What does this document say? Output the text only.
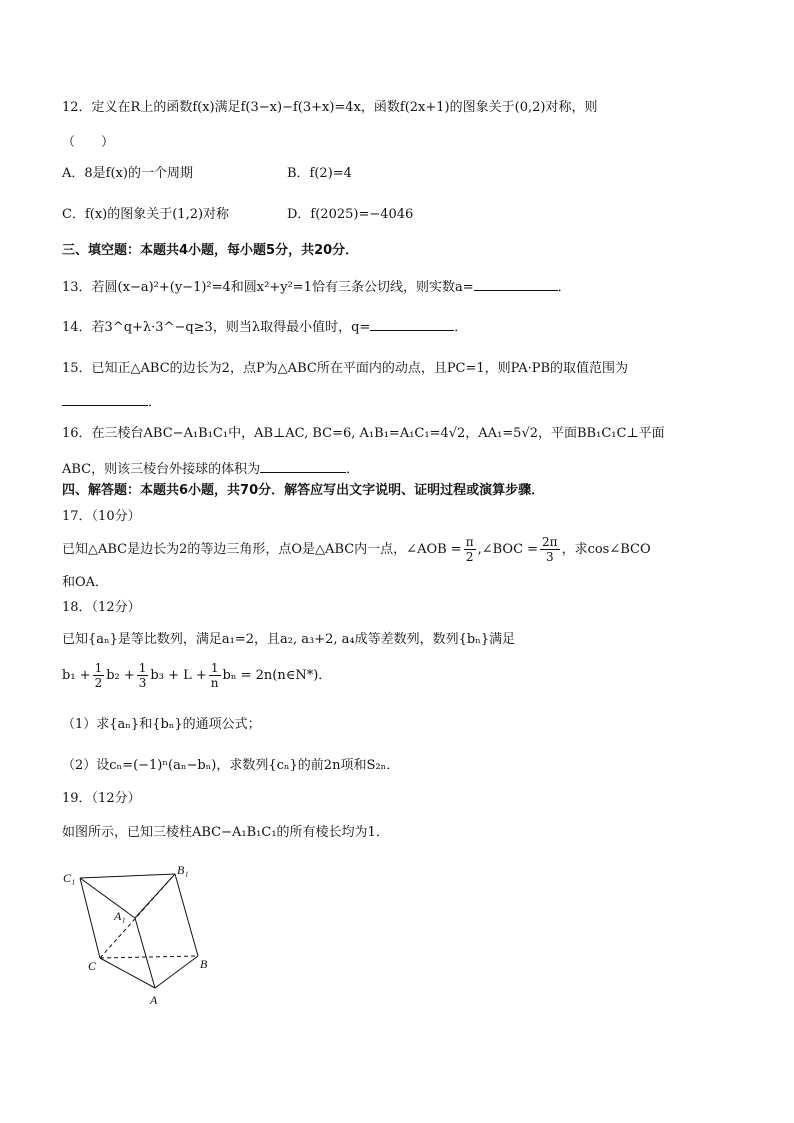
12．定义在R上的函数f(x)满足f(3−x)−f(3+x)=4x，函数f(2x+1)的图象关于(0,2)对称，则
（　　）
A．8是f(x)的一个周期	B．f(2)=4
C．f(x)的图象关于(1,2)对称	D．f(2025)=−4046
三、填空题：本题共4小题，每小题5分，共20分．
13．若圆(x−a)²+(y−1)²=4和圆x²+y²=1恰有三条公切线，则实数a=	．
14．若3^q+λ·3^−q≥3，则当λ取得最小值时，q=	．
15．已知正△ABC的边长为2，点P为△ABC所在平面内的动点，且PC=1，则PA·PB的取值范围为
．
16．在三棱台ABC−A₁B₁C₁中，AB⊥AC, BC=6, A₁B₁=A₁C₁=4√2，AA₁=5√2，平面BB₁C₁C⊥平面
ABC，则该三棱台外接球的体积为	．
四、解答题：本题共6小题，共70分．解答应写出文字说明、证明过程或演算步骤．
17．（10分）
已知△ABC是边长为2的等边三角形，点O是△ABC内一点，∠AOB = $\frac{\pi}{2}$ ,∠BOC = $\frac{2\pi}{3}$ ，求cos∠BCO
和OA．
18．（12分）
已知{aₙ}是等比数列，满足a₁=2，且a₂, a₃+2, a₄成等差数列，数列{bₙ}满足
$b_1 + \frac{1}{2} b_2 + \frac{1}{3} b_3 + L + \frac{1}{n}$ bₙ = 2n(n∈N*)．
（1）求{aₙ}和{bₙ}的通项公式；
（2）设cₙ=(−1)ⁿ(aₙ−bₙ)，求数列{cₙ}的前2n项和S₂ₙ．
19．（12分）
如图所示，已知三棱柱ABC−A₁B₁C₁的所有棱长均为1．
C₁
B₁
A₁
C	B
A
